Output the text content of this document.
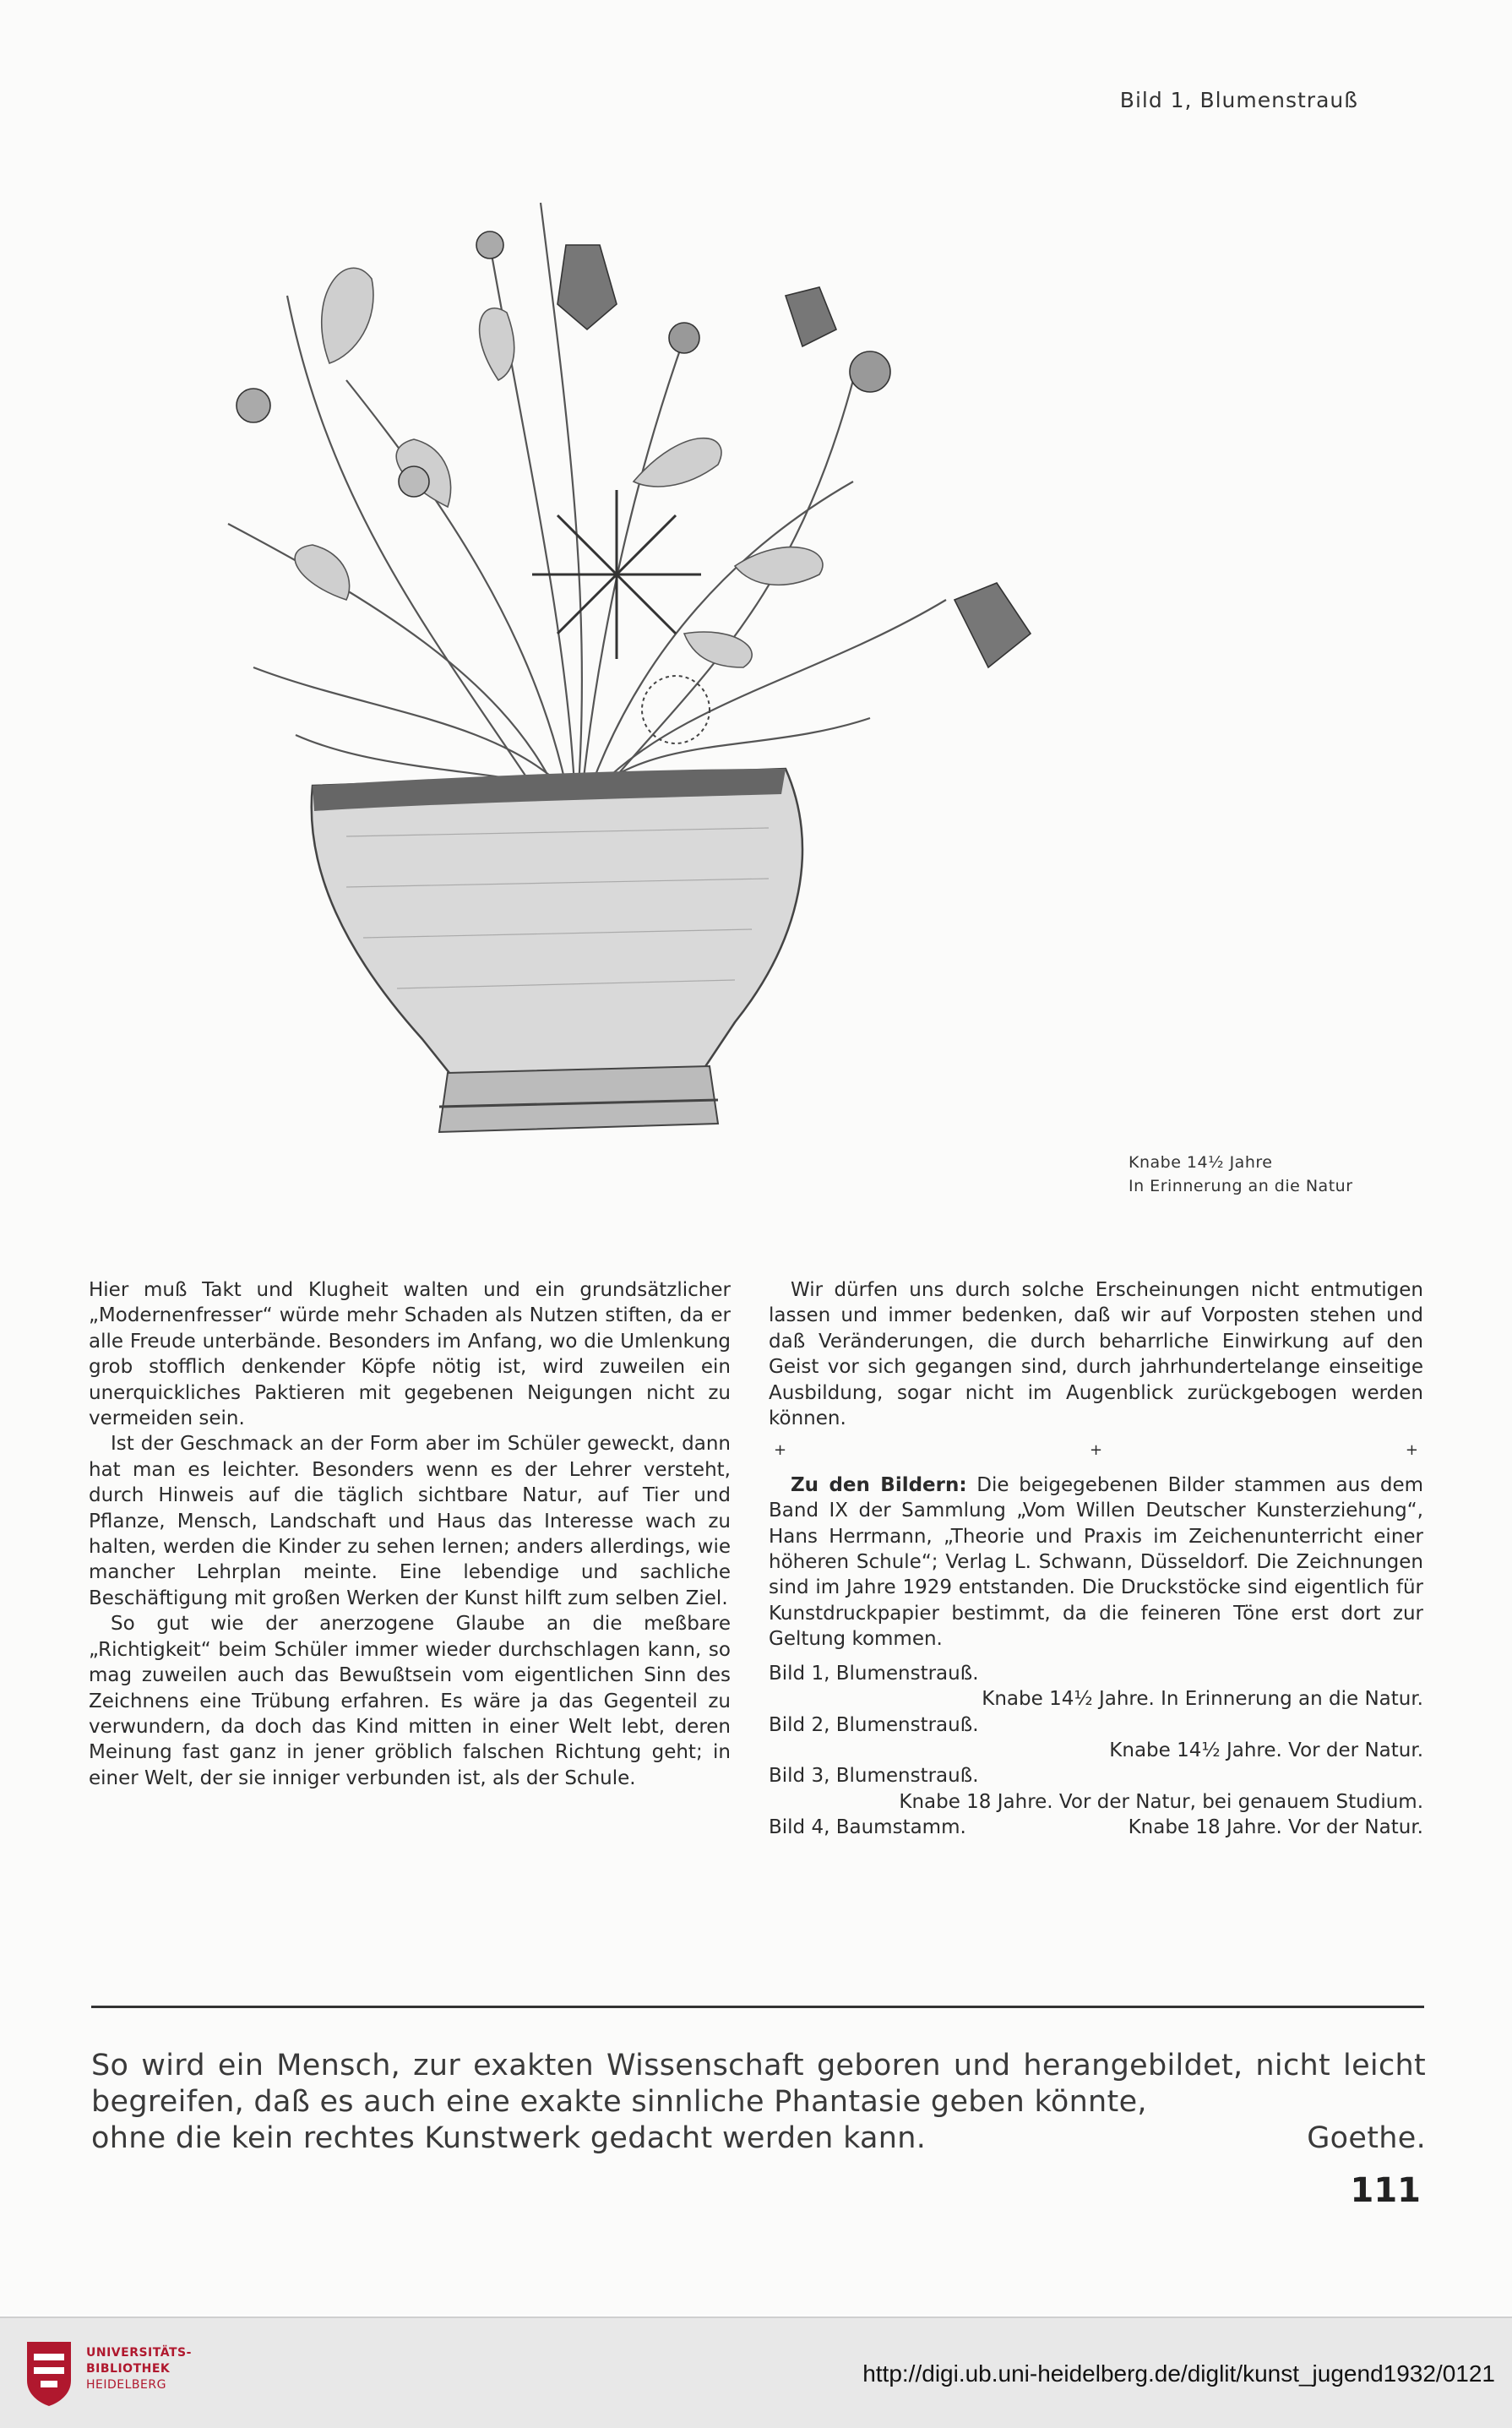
Bild 1, Blumenstrauß
Knabe 14½ Jahre
In Erinnerung an die Natur

Hier muß Takt und Klugheit walten und ein grundsätzlicher „Modernenfresser“ würde mehr Schaden als Nutzen stiften, da er alle Freude unterbände. Besonders im Anfang, wo die Umlenkung grob stofflich denkender Köpfe nötig ist, wird zuweilen ein unerquickliches Paktieren mit gegebenen Neigungen nicht zu vermeiden sein.

Ist der Geschmack an der Form aber im Schüler geweckt, dann hat man es leichter. Besonders wenn es der Lehrer versteht, durch Hinweis auf die täglich sichtbare Natur, auf Tier und Pflanze, Mensch, Landschaft und Haus das Interesse wach zu halten, werden die Kinder zu sehen lernen; anders allerdings, wie mancher Lehrplan meinte. Eine lebendige und sachliche Beschäftigung mit großen Werken der Kunst hilft zum selben Ziel.

So gut wie der anerzogene Glaube an die meßbare „Richtigkeit“ beim Schüler immer wieder durchschlagen kann, so mag zuweilen auch das Bewußtsein vom eigentlichen Sinn des Zeichnens eine Trübung erfahren. Es wäre ja das Gegenteil zu verwundern, da doch das Kind mitten in einer Welt lebt, deren Meinung fast ganz in jener gröblich falschen Richtung geht; in einer Welt, der sie inniger verbunden ist, als der Schule.

Wir dürfen uns durch solche Erscheinungen nicht entmutigen lassen und immer bedenken, daß wir auf Vorposten stehen und daß Veränderungen, die durch beharrliche Einwirkung auf den Geist vor sich gegangen sind, durch jahrhundertelange einseitige Ausbildung, sogar nicht im Augenblick zurückgebogen werden können.

+	+	+

Zu den Bildern: Die beigegebenen Bilder stammen aus dem Band IX der Sammlung „Vom Willen Deutscher Kunsterziehung“, Hans Herrmann, „Theorie und Praxis im Zeichenunterricht einer höheren Schule“; Verlag L. Schwann, Düsseldorf. Die Zeichnungen sind im Jahre 1929 entstanden. Die Druckstöcke sind eigentlich für Kunstdruckpapier bestimmt, da die feineren Töne erst dort zur Geltung kommen.

Bild 1, Blumenstrauß.
Knabe 14½ Jahre. In Erinnerung an die Natur.
Bild 2, Blumenstrauß.
Knabe 14½ Jahre. Vor der Natur.
Bild 3, Blumenstrauß.
Knabe 18 Jahre. Vor der Natur, bei genauem Studium.
Bild 4, Baumstamm.	Knabe 18 Jahre. Vor der Natur.
So wird ein Mensch, zur exakten Wissenschaft geboren und herangebildet, nicht leicht begreifen, daß es auch eine exakte sinnliche Phantasie geben könnte,
ohne die kein rechtes Kunstwerk gedacht werden kann.	Goethe.
111
UNIVERSITÄTS-
BIBLIOTHEK
HEIDELBERG	http://digi.ub.uni-heidelberg.de/diglit/kunst_jugend1932/0121
